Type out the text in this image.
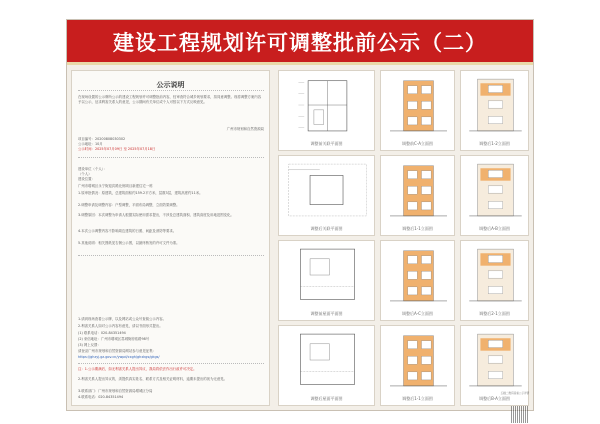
建设工程规划许可调整批前公示（二）
公示说明

在现场设置的公示牌所公示的建设工程规划许可调整批前内容，经审查符合城乡规划要求，拟同意调整。现将调整方案内容予以公示，征求利害关系人的意见，公示期间有关单位或个人可按以下方式反映意见。

广州市规划和自然资源局

项目编号：20200808030302

公示地址：10月

公示时间：2025年07月09日 至 2025年07月18日

建设单位（个人）：

（个人）

建设位置：

广州市增城区永宁街迎宾路北侧项目新建住宅一栋

1.原审批情况：原建筑，总建筑面积约159.2平方米，层数3层，建筑高度约11米。

2.调整申请及调整内容：户型调整，平面布局调整，立面效果调整。

3.调整原因：本次调整为申请人根据实际使用需求提出，不涉及总建筑面积、建筑高度及用地范围变化。

4.本次公示调整内容不影响周边建筑的日照、间距及消防等要求。

5.其他说明：相关图纸见右侧公示图，以最终核发的许可文件为准。

1.请到现场查看公示牌，以及网站或公众号查阅公示内容。

2.利害关系人如对公示内容有意见，请以书面形式提出。

(1) 联系电话：020-84351494

(2) 来信地址：广州市增城区荔城街府佑路98号

(3) 网上反馈：

请登录广州市规划和自然资源局网站参与意见征集：

https://ghzyj.gz.gov.cn/ywpd/cxgh/ghxkgs/gkgs/

注：1.公示期满后，如无利害关系人提出异议，我局将依法作出行政许可决定。

2.利害关系人提出异议的，须提供真实姓名、联系方式及相关证明材料，逾期未提出的视为无意见。

3.联系部门：广州市规划和自然资源局增城区分局

4.联系电话：020-84351494

调整前关联平面图	调整前C-A立面图	调整后1-2立面图
调整后关联平面图	调整后1-1立面图	调整后A-B立面图
调整前屋面平面图	调整后A-C立面图	调整后2-1立面图
调整后屋面平面图	调整后1-1立面图	调整后B-A立面图
扫描二维码查看公示详情
